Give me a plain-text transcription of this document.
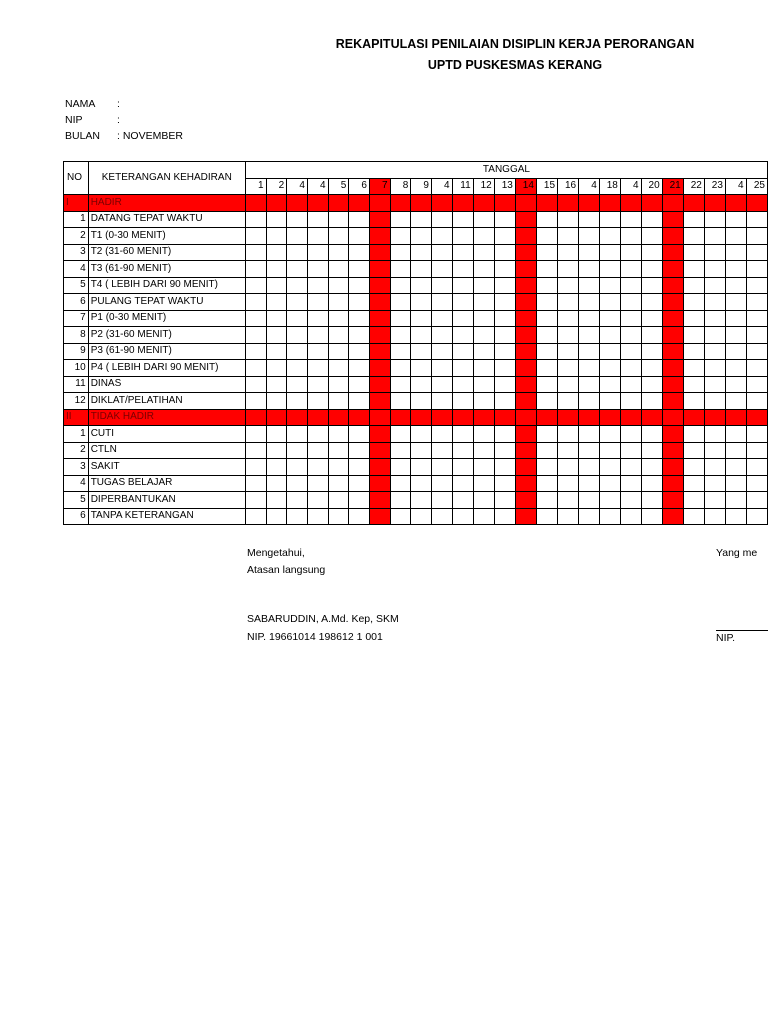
REKAPITULASI PENILAIAN DISIPLIN KERJA PERORANGAN
UPTD PUSKESMAS KERANG
NAMA :
NIP	:
BULAN : NOVEMBER
NO	KETERANGAN KEHADIRAN	TANGGAL																								
		1	2	4	4	5	6	7	8	9	4	11	12	13	14	15	16	4	18	4	20	21	22	23	4	25
I	HADIR																									
1	DATANG TEPAT WAKTU																									
2	T1 (0-30 MENIT)																									
3	T2 (31-60 MENIT)																									
4	T3 (61-90 MENIT)																									
5	T4 ( LEBIH DARI 90 MENIT)																									
6	PULANG TEPAT WAKTU																									
7	P1 (0-30 MENIT)																									
8	P2 (31-60 MENIT)																									
9	P3 (61-90 MENIT)																									
10	P4 ( LEBIH DARI 90 MENIT)																									
11	DINAS																									
12	DIKLAT/PELATIHAN																									
II	TIDAK HADIR																									
1	CUTI																									
2	CTLN																									
3	SAKIT																									
4	TUGAS BELAJAR																									
5	DIPERBANTUKAN																									
6	TANPA KETERANGAN																									
Mengetahui,
Atasan langsung
SABARUDDIN, A.Md. Kep, SKM
NIP. 19661014 198612 1 001
Yang me
NIP.
